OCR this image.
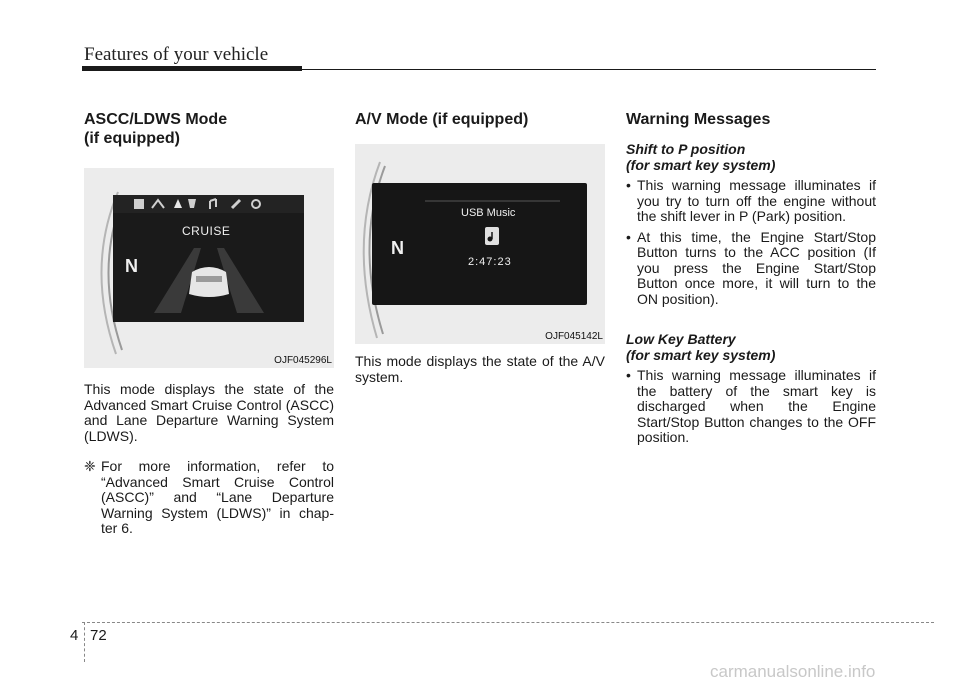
Features of your vehicle
ASCC/LDWS Mode
(if equipped)
N
CRUISE
OJF045296L

This mode displays the state of the Advanced Smart Cruise Control (ASCC) and Lane Departure Warning System (LDWS).

❈ For more information, refer to “Advanced Smart Cruise Control (ASCC)” and “Lane Departure Warning System (LDWS)” in chap- ter 6.
A/V Mode (if equipped)
N
USB Music
2:47:23
OJF045142L

This mode displays the state of the A/V system.

Warning Messages
Shift to P position
(for smart key system)
• This warning message illuminates if you try to turn off the engine without the shift lever in P (Park) position.
• At this time, the Engine Start/Stop Button turns to the ACC position (If you press the Engine Start/Stop Button once more, it will turn to the ON position).
Low Key Battery
(for smart key system)
• This warning message illuminates if the battery of the smart key is discharged when the Engine Start/Stop Button changes to the OFF position.
4 72
carmanualsonline.info
